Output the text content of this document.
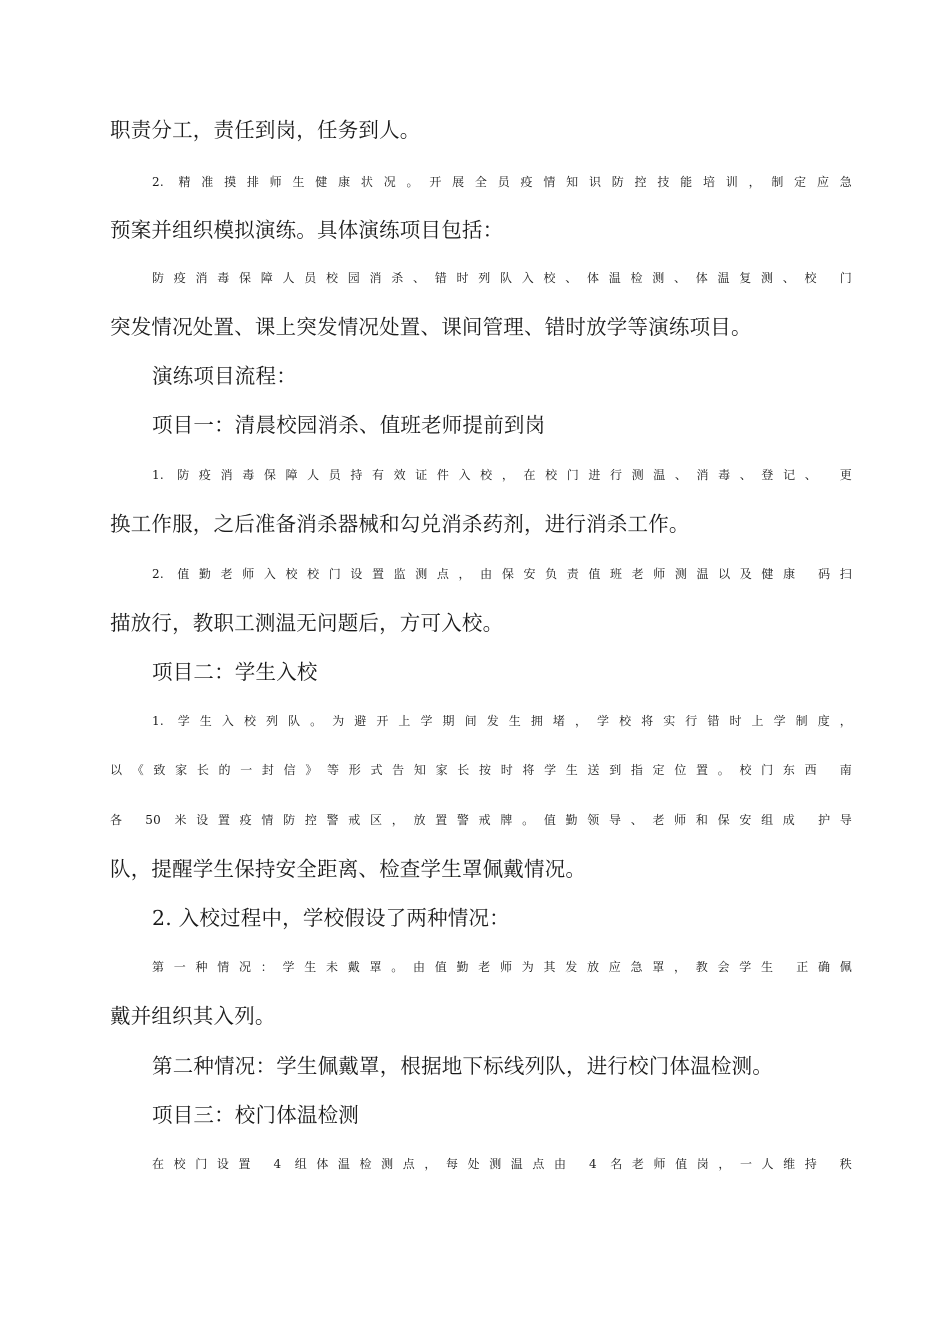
职责分工，责任到岗，任务到人。
2. 精准摸排师生健康状况。开展全员疫情知识防控技能培训，制定应急
预案并组织模拟演练。具体演练项目包括：
防疫消毒保障人员校园消杀、错时列队入校、体温检测、体温复测、校 门
突发情况处置、课上突发情况处置、课间管理、错时放学等演练项目。
演练项目流程：
项目一：清晨校园消杀、值班老师提前到岗
1. 防疫消毒保障人员持有效证件入校，在校门进行测温、消毒、登记、 更
换工作服，之后准备消杀器械和勾兑消杀药剂，进行消杀工作。
2. 值勤老师入校校门设置监测点，由保安负责值班老师测温以及健康 码扫
描放行，教职工测温无问题后，方可入校。
项目二：学生入校
1. 学生入校列队。为避开上学期间发生拥堵，学校将实行错时上学制度，
以《致家长的一封信》等形式告知家长按时将学生送到指定位置。校门东西 南
各 50 米设置疫情防控警戒区，放置警戒牌。值勤领导、老师和保安组成 护导
队，提醒学生保持安全距离、检查学生罩佩戴情况。
2. 入校过程中，学校假设了两种情况：
第一种情况：学生未戴罩。由值勤老师为其发放应急罩，教会学生 正确佩
戴并组织其入列。
第二种情况：学生佩戴罩，根据地下标线列队，进行校门体温检测。
项目三：校门体温检测
在校门设置 4 组体温检测点，每处测温点由 4 名老师值岗，一人维持 秩
